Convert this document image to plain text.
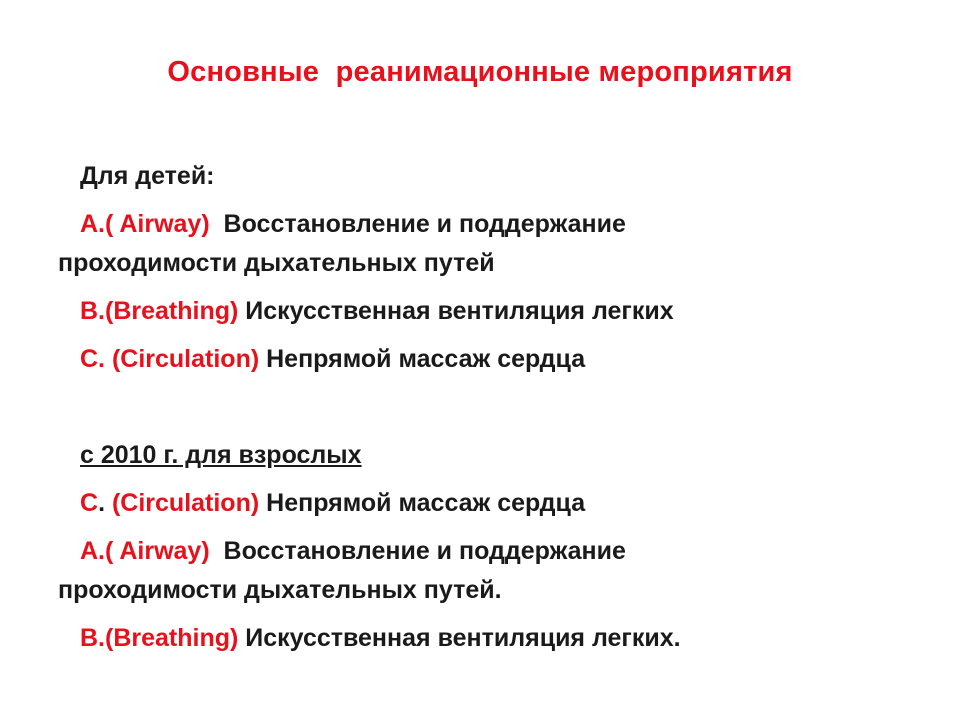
Основные  реанимационные мероприятия
Для детей:
A.( Airway)  Восстановление и поддержание
проходимости дыхательных путей
B.(Breathing) Искусственная вентиляция легких
C. (Circulation) Непрямой массаж сердца
с 2010 г. для взрослых
C. (Circulation) Непрямой массаж сердца
A.( Airway)  Восстановление и поддержание
проходимости дыхательных путей.
B.(Breathing) Искусственная вентиляция легких.
